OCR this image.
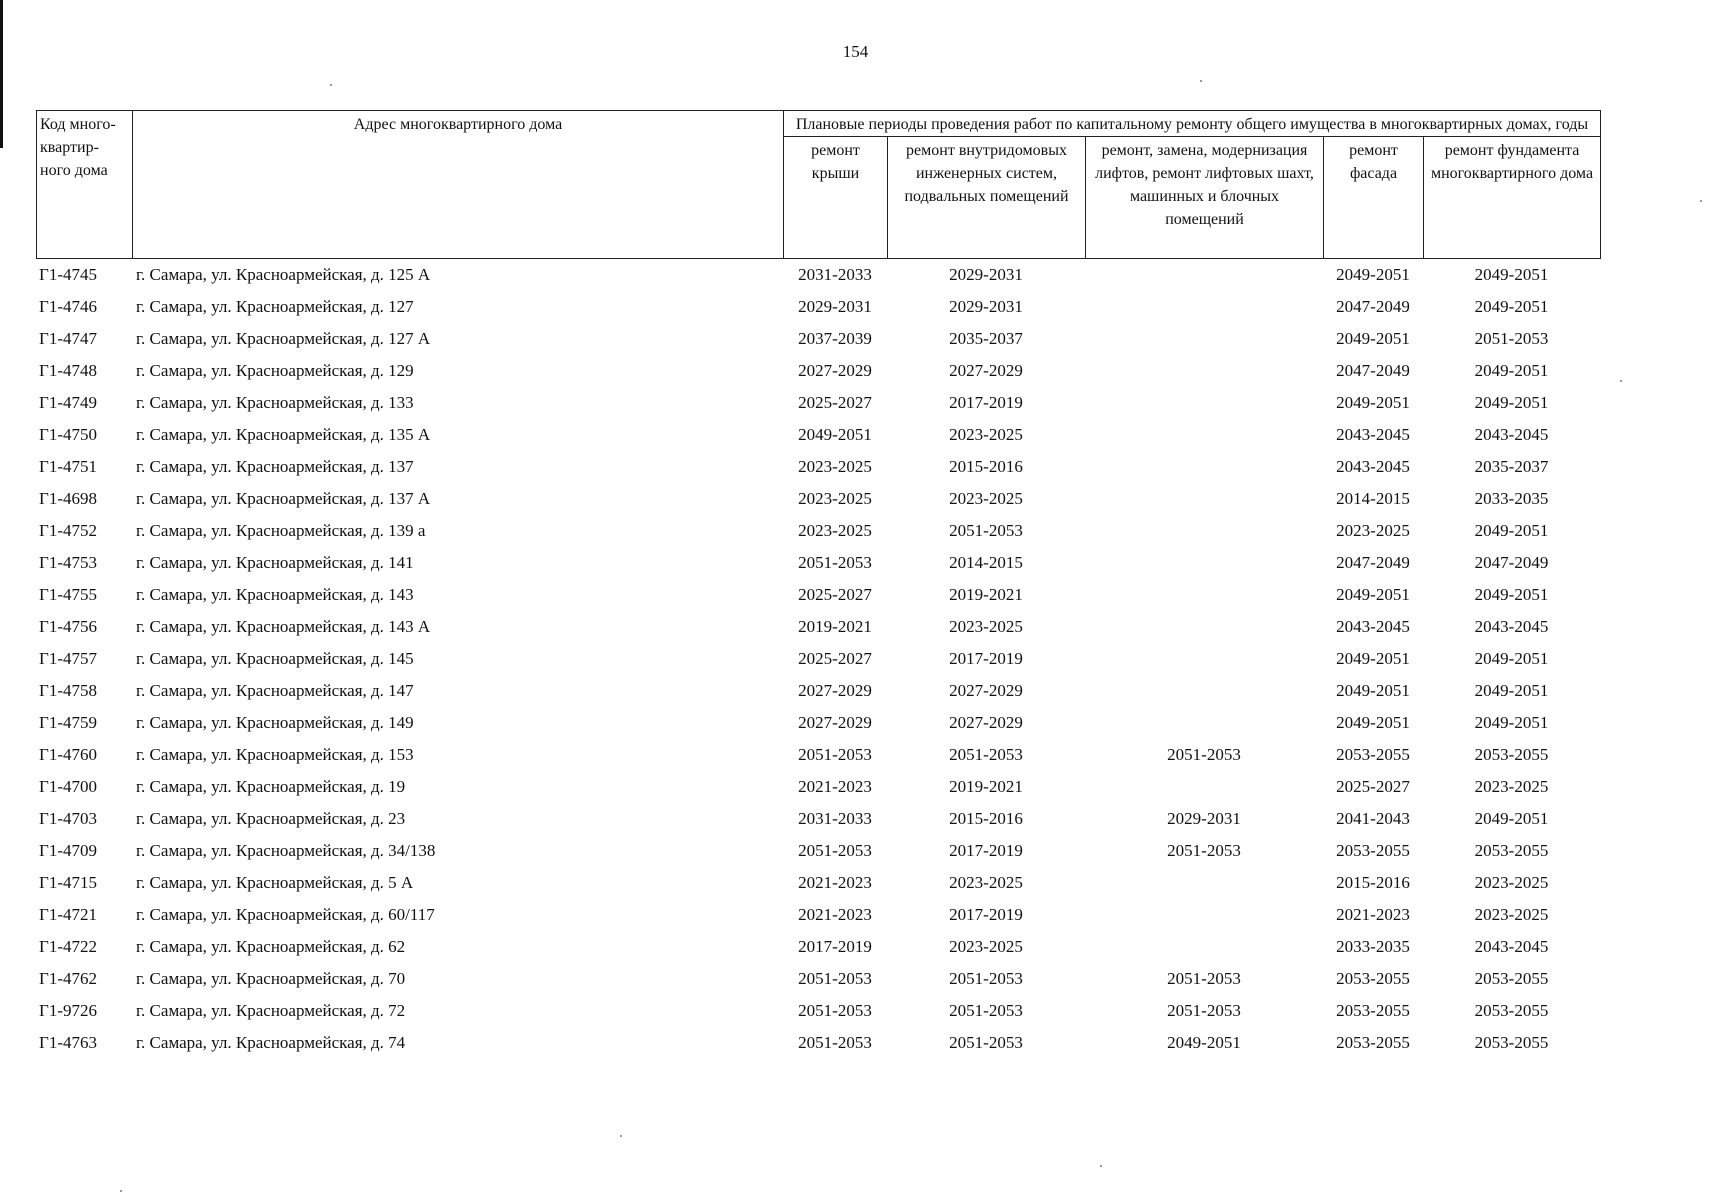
154
Код много-квартир-ного дома	Адрес многоквартирного дома	Плановые периоды проведения работ по капитальному ремонту общего имущества в многоквартирных домах, годы				
		ремонт крыши	ремонт внутридомовых инженерных систем, подвальных помещений	ремонт, замена, модернизация лифтов, ремонт лифтовых шахт, машинных и блочных помещений	ремонт фасада	ремонт фундамента многоквартирного дома
Г1-4745	г. Самара, ул. Красноармейская, д. 125 А	2031-2033	2029-2031		2049-2051	2049-2051
Г1-4746	г. Самара, ул. Красноармейская, д. 127	2029-2031	2029-2031		2047-2049	2049-2051
Г1-4747	г. Самара, ул. Красноармейская, д. 127 А	2037-2039	2035-2037		2049-2051	2051-2053
Г1-4748	г. Самара, ул. Красноармейская, д. 129	2027-2029	2027-2029		2047-2049	2049-2051
Г1-4749	г. Самара, ул. Красноармейская, д. 133	2025-2027	2017-2019		2049-2051	2049-2051
Г1-4750	г. Самара, ул. Красноармейская, д. 135 А	2049-2051	2023-2025		2043-2045	2043-2045
Г1-4751	г. Самара, ул. Красноармейская, д. 137	2023-2025	2015-2016		2043-2045	2035-2037
Г1-4698	г. Самара, ул. Красноармейская, д. 137 А	2023-2025	2023-2025		2014-2015	2033-2035
Г1-4752	г. Самара, ул. Красноармейская, д. 139 а	2023-2025	2051-2053		2023-2025	2049-2051
Г1-4753	г. Самара, ул. Красноармейская, д. 141	2051-2053	2014-2015		2047-2049	2047-2049
Г1-4755	г. Самара, ул. Красноармейская, д. 143	2025-2027	2019-2021		2049-2051	2049-2051
Г1-4756	г. Самара, ул. Красноармейская, д. 143 А	2019-2021	2023-2025		2043-2045	2043-2045
Г1-4757	г. Самара, ул. Красноармейская, д. 145	2025-2027	2017-2019		2049-2051	2049-2051
Г1-4758	г. Самара, ул. Красноармейская, д. 147	2027-2029	2027-2029		2049-2051	2049-2051
Г1-4759	г. Самара, ул. Красноармейская, д. 149	2027-2029	2027-2029		2049-2051	2049-2051
Г1-4760	г. Самара, ул. Красноармейская, д. 153	2051-2053	2051-2053	2051-2053	2053-2055	2053-2055
Г1-4700	г. Самара, ул. Красноармейская, д. 19	2021-2023	2019-2021		2025-2027	2023-2025
Г1-4703	г. Самара, ул. Красноармейская, д. 23	2031-2033	2015-2016	2029-2031	2041-2043	2049-2051
Г1-4709	г. Самара, ул. Красноармейская, д. 34/138	2051-2053	2017-2019	2051-2053	2053-2055	2053-2055
Г1-4715	г. Самара, ул. Красноармейская, д. 5 А	2021-2023	2023-2025		2015-2016	2023-2025
Г1-4721	г. Самара, ул. Красноармейская, д. 60/117	2021-2023	2017-2019		2021-2023	2023-2025
Г1-4722	г. Самара, ул. Красноармейская, д. 62	2017-2019	2023-2025		2033-2035	2043-2045
Г1-4762	г. Самара, ул. Красноармейская, д. 70	2051-2053	2051-2053	2051-2053	2053-2055	2053-2055
Г1-9726	г. Самара, ул. Красноармейская, д. 72	2051-2053	2051-2053	2051-2053	2053-2055	2053-2055
Г1-4763	г. Самара, ул. Красноармейская, д. 74	2051-2053	2051-2053	2049-2051	2053-2055	2053-2055
